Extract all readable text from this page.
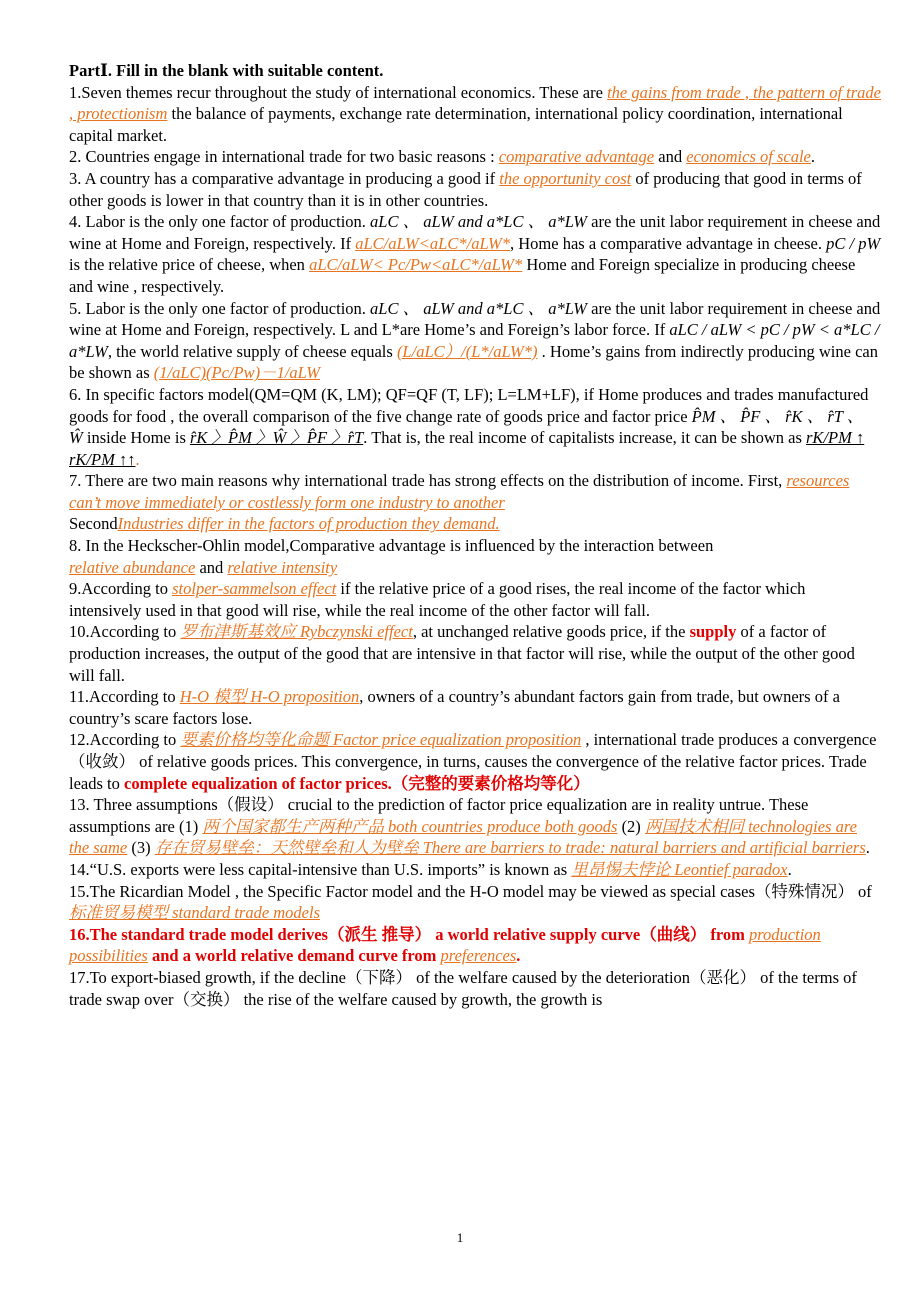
PartⅠ. Fill in the blank with suitable content.

1.Seven themes recur throughout the study of international economics. These are the gains from trade , the pattern of trade , protectionism the balance of payments, exchange rate determination, international policy coordination, international capital market.

2. Countries engage in international trade for two basic reasons : comparative advantage and economics of scale.

3. A country has a comparative advantage in producing a good if the opportunity cost of producing that good in terms of other goods is lower in that country than it is in other countries.

4. Labor is the only one factor of production. aLC 、 aLW and a*LC 、 a*LW are the unit labor requirement in cheese and wine at Home and Foreign, respectively. If aLC/aLW<aLC*/aLW*, Home has a comparative advantage in cheese. pC / pW is the relative price of cheese, when aLC/aLW< Pc/Pw<aLC*/aLW* Home and Foreign specialize in producing cheese and wine , respectively.

5. Labor is the only one factor of production. aLC 、 aLW and a*LC 、 a*LW are the unit labor requirement in cheese and wine at Home and Foreign, respectively. L and L*are Home’s and Foreign’s labor force. If aLC / aLW < pC / pW < a*LC / a*LW, the world relative supply of cheese equals (L/aLC）/(L*/aLW*) . Home’s gains from indirectly producing wine can be shown as (1/aLC)(Pc/Pw)－1/aLW

6. In specific factors model(QM=QM (K, LM); QF=QF (T, LF); L=LM+LF), if Home produces and trades manufactured goods for food , the overall comparison of the five change rate of goods price and factor price P̂M 、 P̂F 、 r̂K 、 r̂T 、 Ŵ inside Home is r̂K 〉P̂M 〉Ŵ 〉P̂F 〉r̂T. That is, the real income of capitalists increase, it can be shown as rK/PM ↑ rK/PM ↑↑.

7. There are two main reasons why international trade has strong effects on the distribution of income. First, resources can’t move immediately or costlessly form one industry to another
SecondIndustries differ in the factors of production they demand.

8. In the Heckscher-Ohlin model,Comparative advantage is influenced by the interaction between
relative abundance and relative intensity

9.According to stolper-sammelson effect if the relative price of a good rises, the real income of the factor which intensively used in that good will rise, while the real income of the other factor will fall.

10.According to 罗布津斯基效应 Rybczynski effect, at unchanged relative goods price, if the supply of a factor of production increases, the output of the good that are intensive in that factor will rise, while the output of the other good will fall.

11.According to H-O 模型 H-O proposition, owners of a country’s abundant factors gain from trade, but owners of a country’s scare factors lose.

12.According to 要素价格均等化命题 Factor price equalization proposition , international trade produces a convergence（收敛） of relative goods prices. This convergence, in turns, causes the convergence of the relative factor prices. Trade leads to complete equalization of factor prices.（完整的要素价格均等化）

13. Three assumptions（假设） crucial to the prediction of factor price equalization are in reality untrue. These assumptions are (1) 两个国家都生产两种产品 both countries produce both goods (2) 两国技术相同 technologies are the same (3) 存在贸易壁垒：天然壁垒和人为壁垒 There are barriers to trade: natural barriers and artificial barriers.

14.“U.S. exports were less capital-intensive than U.S. imports” is known as 里昂惕夫悖论 Leontief paradox.

15.The Ricardian Model , the Specific Factor model and the H-O model may be viewed as special cases（特殊情况） of 标准贸易模型 standard trade models

16.The standard trade model derives（派生 推导） a world relative supply curve（曲线） from production possibilities and a world relative demand curve from preferences.

17.To export-biased growth, if the decline（下降） of the welfare caused by the deterioration（恶化） of the terms of trade swap over（交换） the rise of the welfare caused by growth, the growth is

1
